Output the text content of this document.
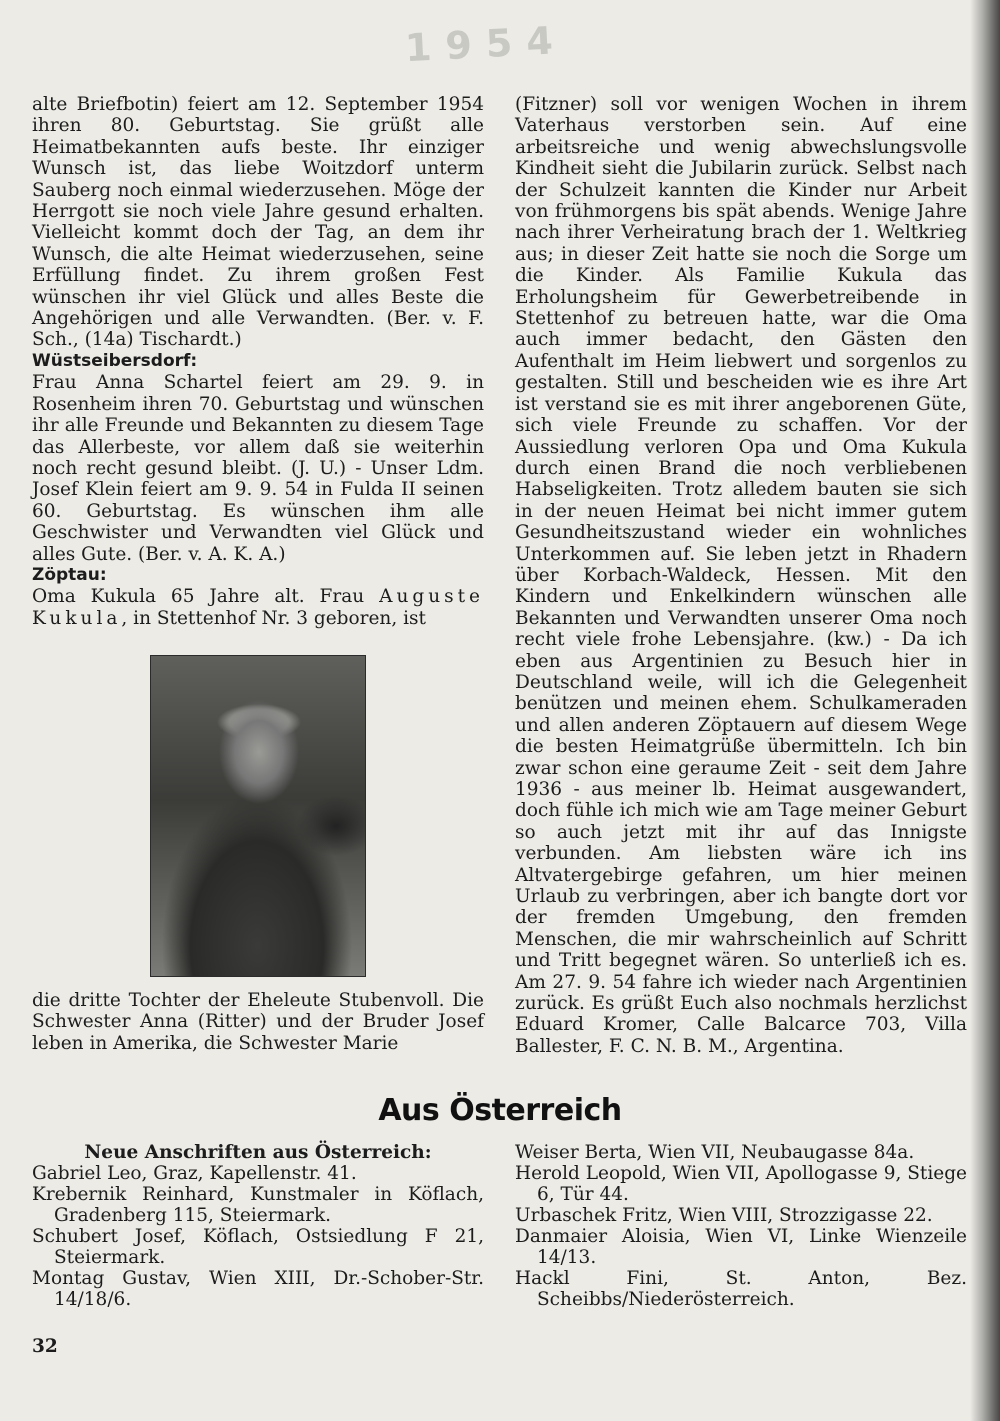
1954

alte Briefbotin) feiert am 12. September 1954 ihren 80. Geburtstag. Sie grüßt alle Heimatbekannten aufs beste. Ihr einziger Wunsch ist, das liebe Woitzdorf unterm Sauberg noch einmal wiederzusehen. Möge der Herrgott sie noch viele Jahre gesund erhalten. Vielleicht kommt doch der Tag, an dem ihr Wunsch, die alte Heimat wiederzusehen, seine Erfüllung findet. Zu ihrem großen Fest wünschen ihr viel Glück und alles Beste die Angehörigen und alle Verwandten. (Ber. v. F. Sch., (14a) Tischardt.)

Wüstseibersdorf:

Frau Anna Schartel feiert am 29. 9. in Rosenheim ihren 70. Geburtstag und wünschen ihr alle Freunde und Bekannten zu diesem Tage das Allerbeste, vor allem daß sie weiterhin noch recht gesund bleibt. (J. U.) - Unser Ldm. Josef Klein feiert am 9. 9. 54 in Fulda II seinen 60. Geburtstag. Es wünschen ihm alle Geschwister und Verwandten viel Glück und alles Gute. (Ber. v. A. K. A.)

Zöptau:

Oma Kukula 65 Jahre alt. Frau Auguste Kukula, in Stettenhof Nr. 3 geboren, ist

die dritte Tochter der Eheleute Stubenvoll. Die Schwester Anna (Ritter) und der Bruder Josef leben in Amerika, die Schwester Marie

(Fitzner) soll vor wenigen Wochen in ihrem Vaterhaus verstorben sein. Auf eine arbeitsreiche und wenig abwechslungsvolle Kindheit sieht die Jubilarin zurück. Selbst nach der Schulzeit kannten die Kinder nur Arbeit von frühmorgens bis spät abends. Wenige Jahre nach ihrer Verheiratung brach der 1. Weltkrieg aus; in dieser Zeit hatte sie noch die Sorge um die Kinder. Als Familie Kukula das Erholungsheim für Gewerbetreibende in Stettenhof zu betreuen hatte, war die Oma auch immer bedacht, den Gästen den Aufenthalt im Heim liebwert und sorgenlos zu gestalten. Still und bescheiden wie es ihre Art ist verstand sie es mit ihrer angeborenen Güte, sich viele Freunde zu schaffen. Vor der Aussiedlung verloren Opa und Oma Kukula durch einen Brand die noch verbliebenen Habseligkeiten. Trotz alledem bauten sie sich in der neuen Heimat bei nicht immer gutem Gesundheitszustand wieder ein wohnliches Unterkommen auf. Sie leben jetzt in Rhadern über Korbach-Waldeck, Hessen. Mit den Kindern und Enkelkindern wünschen alle Bekannten und Verwandten unserer Oma noch recht viele frohe Lebensjahre. (kw.) - Da ich eben aus Argentinien zu Besuch hier in Deutschland weile, will ich die Gelegenheit benützen und meinen ehem. Schulkameraden und allen anderen Zöptauern auf diesem Wege die besten Heimatgrüße übermitteln. Ich bin zwar schon eine geraume Zeit - seit dem Jahre 1936 - aus meiner lb. Heimat ausgewandert, doch fühle ich mich wie am Tage meiner Geburt so auch jetzt mit ihr auf das Innigste verbunden. Am liebsten wäre ich ins Altvatergebirge gefahren, um hier meinen Urlaub zu verbringen, aber ich bangte dort vor der fremden Umgebung, den fremden Menschen, die mir wahrscheinlich auf Schritt und Tritt begegnet wären. So unterließ ich es. Am 27. 9. 54 fahre ich wieder nach Argentinien zurück. Es grüßt Euch also nochmals herzlichst Eduard Kromer, Calle Balcarce 703, Villa Ballester, F. C. N. B. M., Argentina.

Aus Österreich
Neue Anschriften aus Österreich:

Gabriel Leo, Graz, Kapellenstr. 41.

Krebernik Reinhard, Kunstmaler in Köflach, Gradenberg 115, Steiermark.

Schubert Josef, Köflach, Ostsiedlung F 21, Steiermark.

Montag Gustav, Wien XIII, Dr.-Schober-Str. 14/18/6.

Weiser Berta, Wien VII, Neubaugasse 84a.

Herold Leopold, Wien VII, Apollogasse 9, Stiege 6, Tür 44.

Urbaschek Fritz, Wien VIII, Strozzigasse 22.

Danmaier Aloisia, Wien VI, Linke Wienzeile 14/13.

Hackl Fini, St. Anton, Bez. Scheibbs/Niederösterreich.

32
